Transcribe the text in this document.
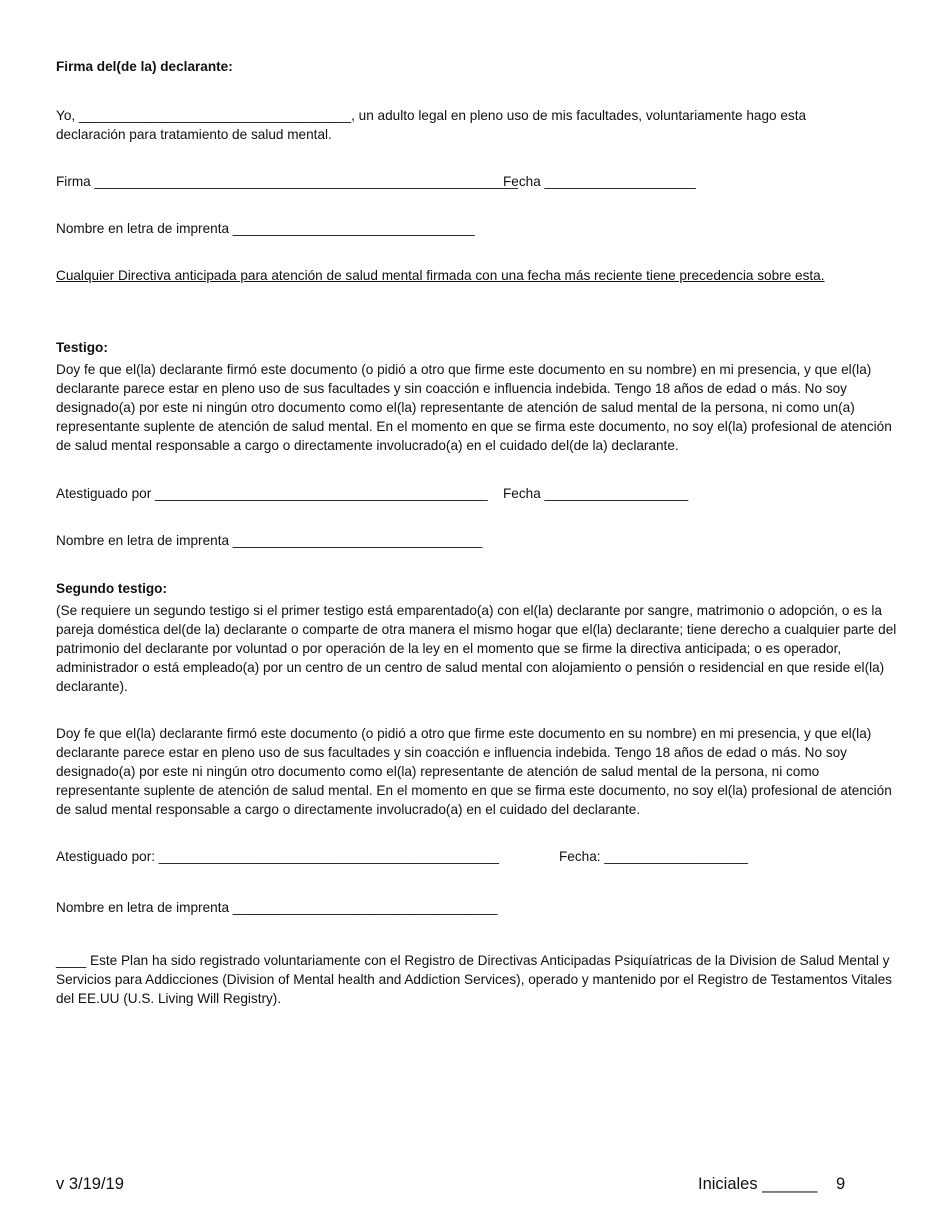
Firma del(de la) declarante:
Yo, ____________________________________, un adulto legal en pleno uso de mis facultades, voluntariamente hago esta
declaración para tratamiento de salud mental.
Firma ________________________________________________________
Fecha ____________________
Nombre en letra de imprenta ________________________________
Cualquier Directiva anticipada para atención de salud mental firmada con una fecha más reciente tiene precedencia sobre esta.
Testigo:
Doy fe que el(la) declarante firmó este documento (o pidió a otro que firme este documento en su nombre) en mi presencia, y que el(la) declarante parece estar en pleno uso de sus facultades y sin coacción e influencia indebida. Tengo 18 años de edad o más. No soy designado(a) por este ni ningún otro documento como el(la) representante de atención de salud mental de la persona, ni como un(a) representante suplente de atención de salud mental. En el momento en que se firma este documento, no soy el(la) profesional de atención de salud mental responsable a cargo o directamente involucrado(a) en el cuidado del(de la) declarante.
Atestiguado por ____________________________________________ Fecha ___________________
Nombre en letra de imprenta _________________________________
Segundo testigo:
(Se requiere un segundo testigo si el primer testigo está emparentado(a) con el(la) declarante por sangre, matrimonio o adopción, o es la pareja doméstica del(de la) declarante o comparte de otra manera el mismo hogar que el(la) declarante; tiene derecho a cualquier parte del patrimonio del declarante por voluntad o por operación de la ley en el momento que se firme la directiva anticipada; o es operador, administrador o está empleado(a) por un centro de un centro de salud mental con alojamiento o pensión o residencial en que reside el(la) declarante).
Doy fe que el(la) declarante firmó este documento (o pidió a otro que firme este documento en su nombre) en mi presencia, y que el(la) declarante parece estar en pleno uso de sus facultades y sin coacción e influencia indebida. Tengo 18 años de edad o más. No soy designado(a) por este ni ningún otro documento como el(la) representante de atención de salud mental de la persona, ni como representante suplente de atención de salud mental. En el momento en que se firma este documento, no soy el(la) profesional de atención de salud mental responsable a cargo o directamente involucrado(a) en el cuidado del declarante.
Atestiguado por: _____________________________________________	Fecha: ___________________
Nombre en letra de imprenta ___________________________________
____ Este Plan ha sido registrado voluntariamente con el Registro de Directivas Anticipadas Psiquíatricas de la Division de Salud Mental y Servicios para Addicciones (Division of Mental health and Addiction Services), operado y mantenido por el Registro de Testamentos Vitales del EE.UU (U.S. Living Will Registry).
v 3/19/19	Iniciales ______ 9
